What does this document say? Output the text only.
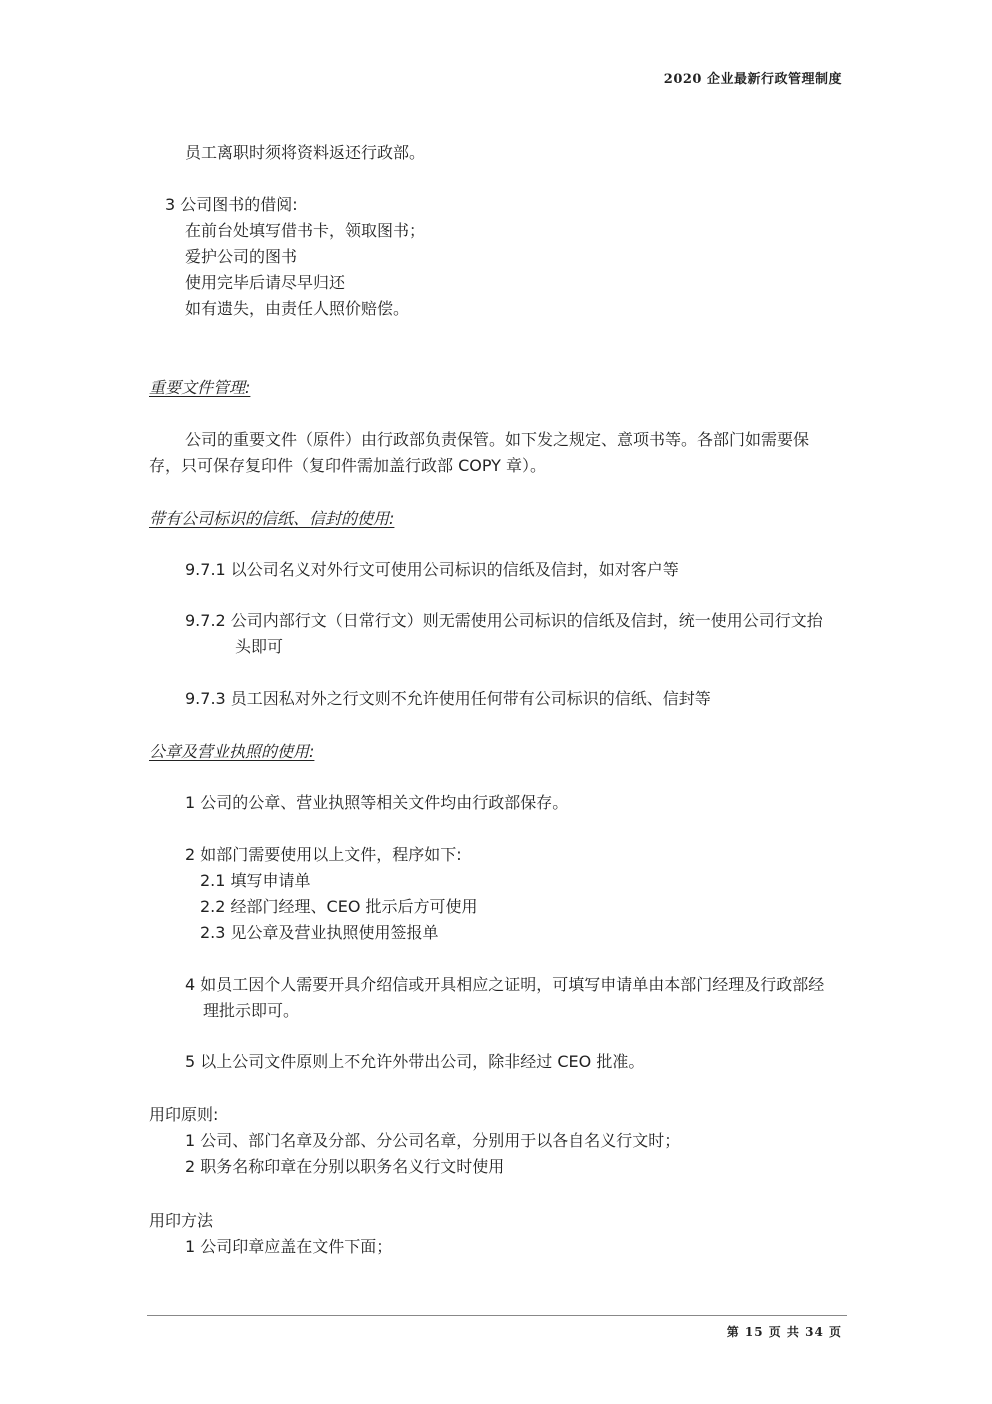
2020 企业最新行政管理制度
员工离职时须将资料返还行政部。
3 公司图书的借阅:
在前台处填写借书卡，领取图书；
爱护公司的图书
使用完毕后请尽早归还
如有遗失，由责任人照价赔偿。
重要文件管理:
公司的重要文件（原件）由行政部负责保管。如下发之规定、意项书等。各部门如需要保
存，只可保存复印件（复印件需加盖行政部 COPY 章）。
带有公司标识的信纸、信封的使用:
9.7.1 以公司名义对外行文可使用公司标识的信纸及信封，如对客户等
9.7.2 公司内部行文（日常行文）则无需使用公司标识的信纸及信封，统一使用公司行文抬
头即可
9.7.3 员工因私对外之行文则不允许使用任何带有公司标识的信纸、信封等
公章及营业执照的使用:
1 公司的公章、营业执照等相关文件均由行政部保存。
2 如部门需要使用以上文件，程序如下:
2.1 填写申请单
2.2 经部门经理、CEO 批示后方可使用
2.3 见公章及营业执照使用签报单
4 如员工因个人需要开具介绍信或开具相应之证明，可填写申请单由本部门经理及行政部经
理批示即可。
5 以上公司文件原则上不允许外带出公司，除非经过 CEO 批准。
用印原则:
1 公司、部门名章及分部、分公司名章，分别用于以各自名义行文时；
2 职务名称印章在分别以职务名义行文时使用
用印方法
1 公司印章应盖在文件下面；
第 15 页 共 34 页
